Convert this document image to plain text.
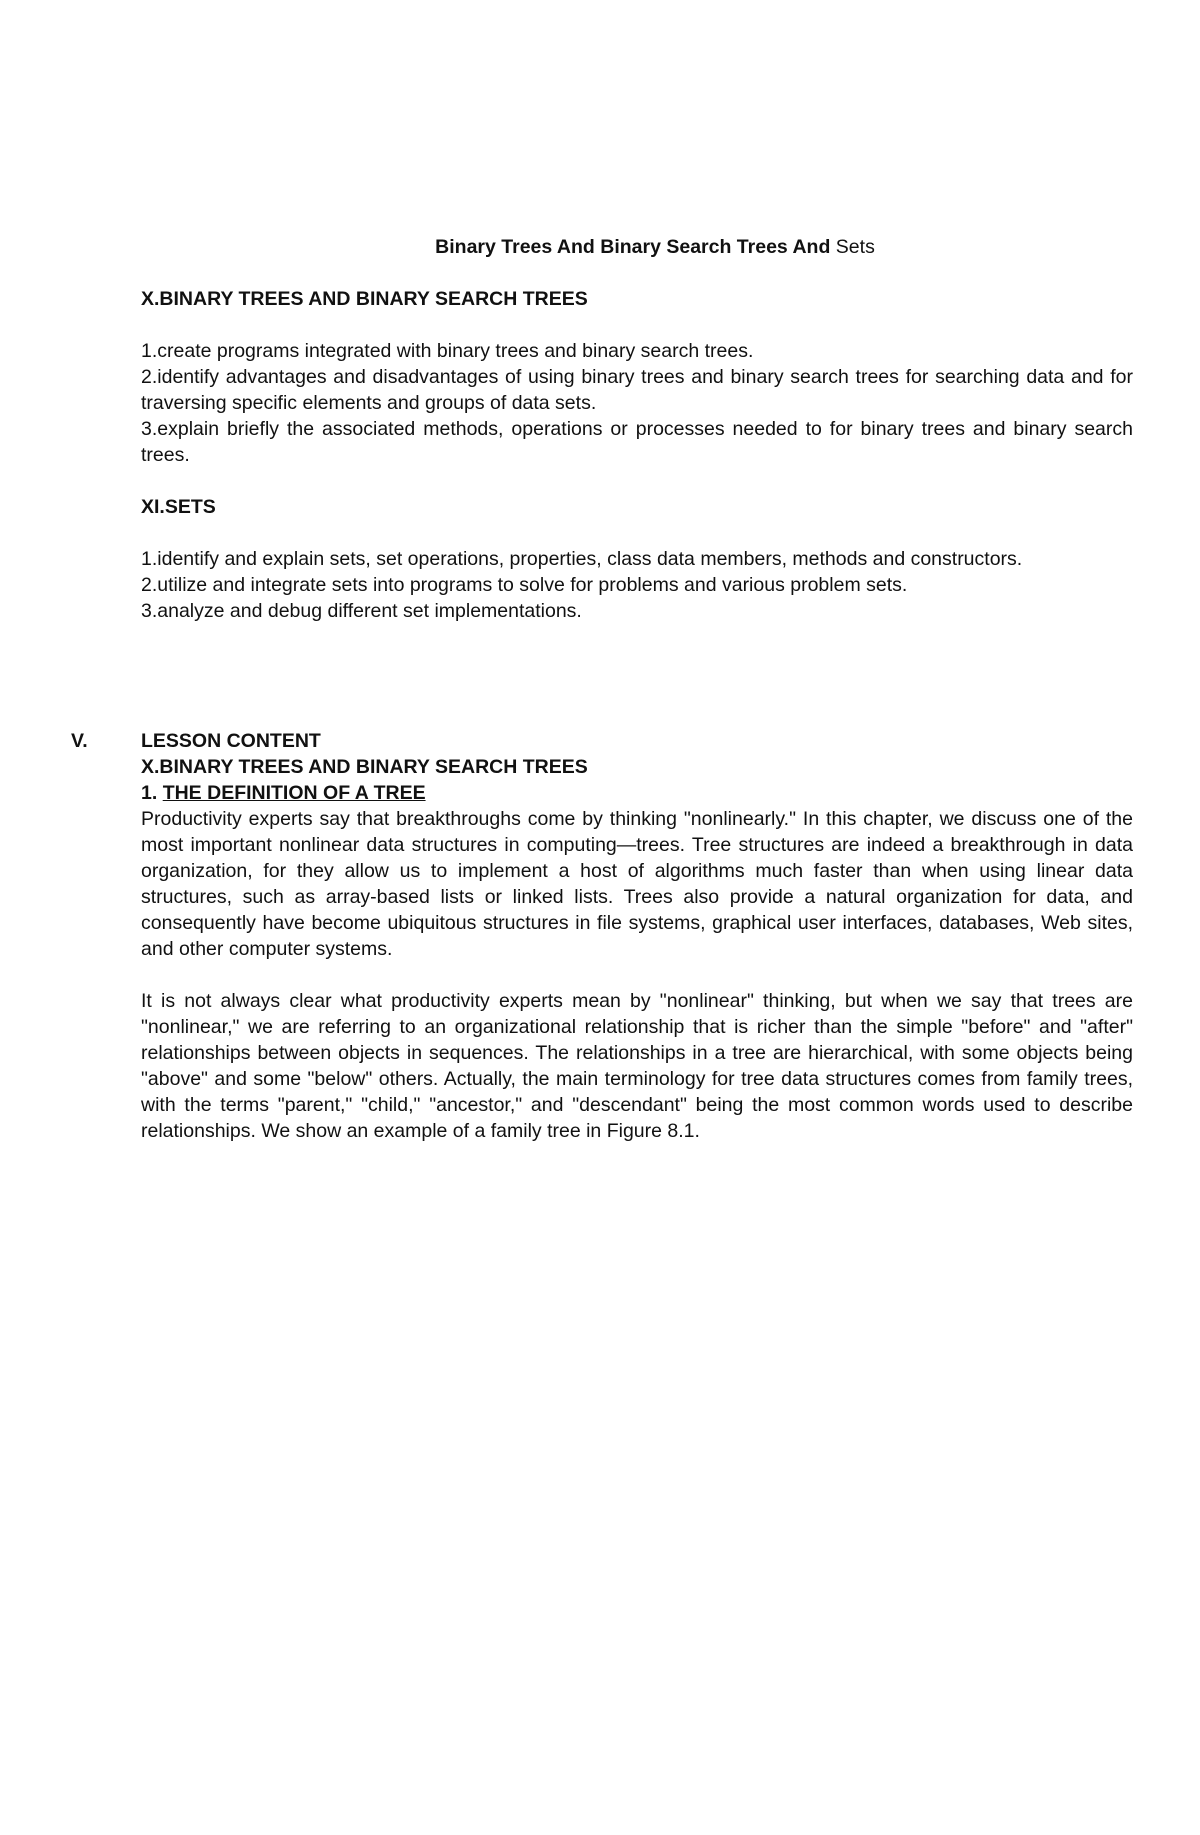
Binary Trees And Binary Search Trees And Sets

X.BINARY TREES AND BINARY SEARCH TREES

1.create programs integrated with binary trees and binary search trees.

2.identify advantages and disadvantages of using binary trees and binary search trees for searching data and for traversing specific elements and groups of data sets.

3.explain briefly the associated methods, operations or processes needed to for binary trees and binary search trees.

XI.SETS

1.identify and explain sets, set operations, properties, class data members, methods and constructors.

2.utilize and integrate sets into programs to solve for problems and various problem sets.

3.analyze and debug different set implementations.

V.	LESSON CONTENT

X.BINARY TREES AND BINARY SEARCH TREES

1. THE DEFINITION OF A TREE

Productivity experts say that breakthroughs come by thinking "nonlinearly." In this chapter, we discuss one of the most important nonlinear data structures in computing—trees. Tree structures are indeed a breakthrough in data organization, for they allow us to implement a host of algorithms much faster than when using linear data structures, such as array-based lists or linked lists. Trees also provide a natural organization for data, and consequently have become ubiquitous structures in file systems, graphical user interfaces, databases, Web sites, and other computer systems.

It is not always clear what productivity experts mean by "nonlinear" thinking, but when we say that trees are "nonlinear," we are referring to an organizational relationship that is richer than the simple "before" and "after" relationships between objects in sequences. The relationships in a tree are hierarchical, with some objects being "above" and some "below" others. Actually, the main terminology for tree data structures comes from family trees, with the terms "parent," "child," "ancestor," and "descendant" being the most common words used to describe relationships. We show an example of a family tree in Figure 8.1.
